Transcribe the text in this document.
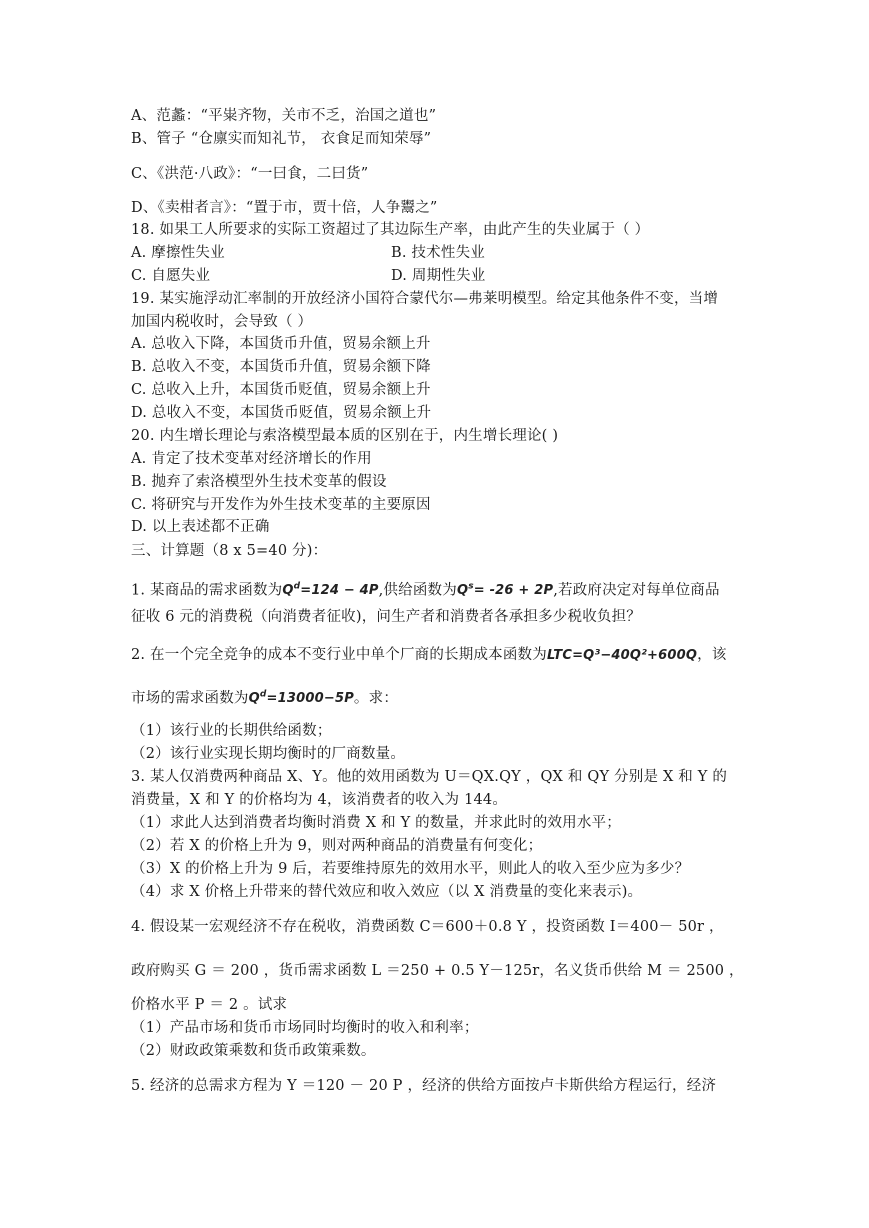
A、范蠡：“平粜齐物，关市不乏，治国之道也”
B、管子 “仓廪实而知礼节， 衣食足而知荣辱”
C、《洪范·八政》：“一曰食，二曰货”
D、《卖柑者言》：“置于市，贾十倍，人争鬻之”
18. 如果工人所要求的实际工资超过了其边际生产率，由此产生的失业属于（ ）
A. 摩擦性失业	B. 技术性失业
C. 自愿失业	D. 周期性失业
19. 某实施浮动汇率制的开放经济小国符合蒙代尔—弗莱明模型。给定其他条件不变，当增
加国内税收时，会导致（ ）
A. 总收入下降，本国货币升值，贸易余额上升
B. 总收入不变，本国货币升值，贸易余额下降
C. 总收入上升，本国货币贬值，贸易余额上升
D. 总收入不变，本国货币贬值，贸易余额上升
20. 内生增长理论与索洛模型最本质的区别在于，内生增长理论( )
A. 肯定了技术变革对经济增长的作用
B. 抛弃了索洛模型外生技术变革的假设
C. 将研究与开发作为外生技术变革的主要原因
D. 以上表述都不正确
三、计算题（8 x 5=40 分)：
1. 某商品的需求函数为$Q^d=124 - 4P$,供给函数为$Q^s= -26 + 2P$,若政府决定对每单位商品
征收 6 元的消费税（向消费者征收)，问生产者和消费者各承担多少税收负担？
2. 在一个完全竞争的成本不变行业中单个厂商的长期成本函数为LTC=Q³−40Q²+600Q，该
市场的需求函数为$Q^d=13000-5P$。求：
（1）该行业的长期供给函数；
（2）该行业实现长期均衡时的厂商数量。
3. 某人仅消费两种商品 X、Y。他的效用函数为 U＝QX.QY ，QX 和 QY 分别是 X 和 Y 的
消费量，X 和 Y 的价格均为 4，该消费者的收入为 144。
（1）求此人达到消费者均衡时消费 X 和 Y 的数量，并求此时的效用水平；
（2）若 X 的价格上升为 9，则对两种商品的消费量有何变化；
（3）X 的价格上升为 9 后，若要维持原先的效用水平，则此人的收入至少应为多少？
（4）求 X 价格上升带来的替代效应和收入效应（以 X 消费量的变化来表示)。
4. 假设某一宏观经济不存在税收，消费函数 C＝600＋0.8 Y ，投资函数 I＝400－ 50r ，
政府购买 G ＝ 200 ，货币需求函数 L ＝250 + 0.5 Y－125r，名义货币供给 M ＝ 2500 ，
价格水平 P ＝ 2 。试求
（1）产品市场和货币市场同时均衡时的收入和利率；
（2）财政政策乘数和货币政策乘数。
5. 经济的总需求方程为 Y ＝120 － 20 P ，经济的供给方面按卢卡斯供给方程运行，经济
